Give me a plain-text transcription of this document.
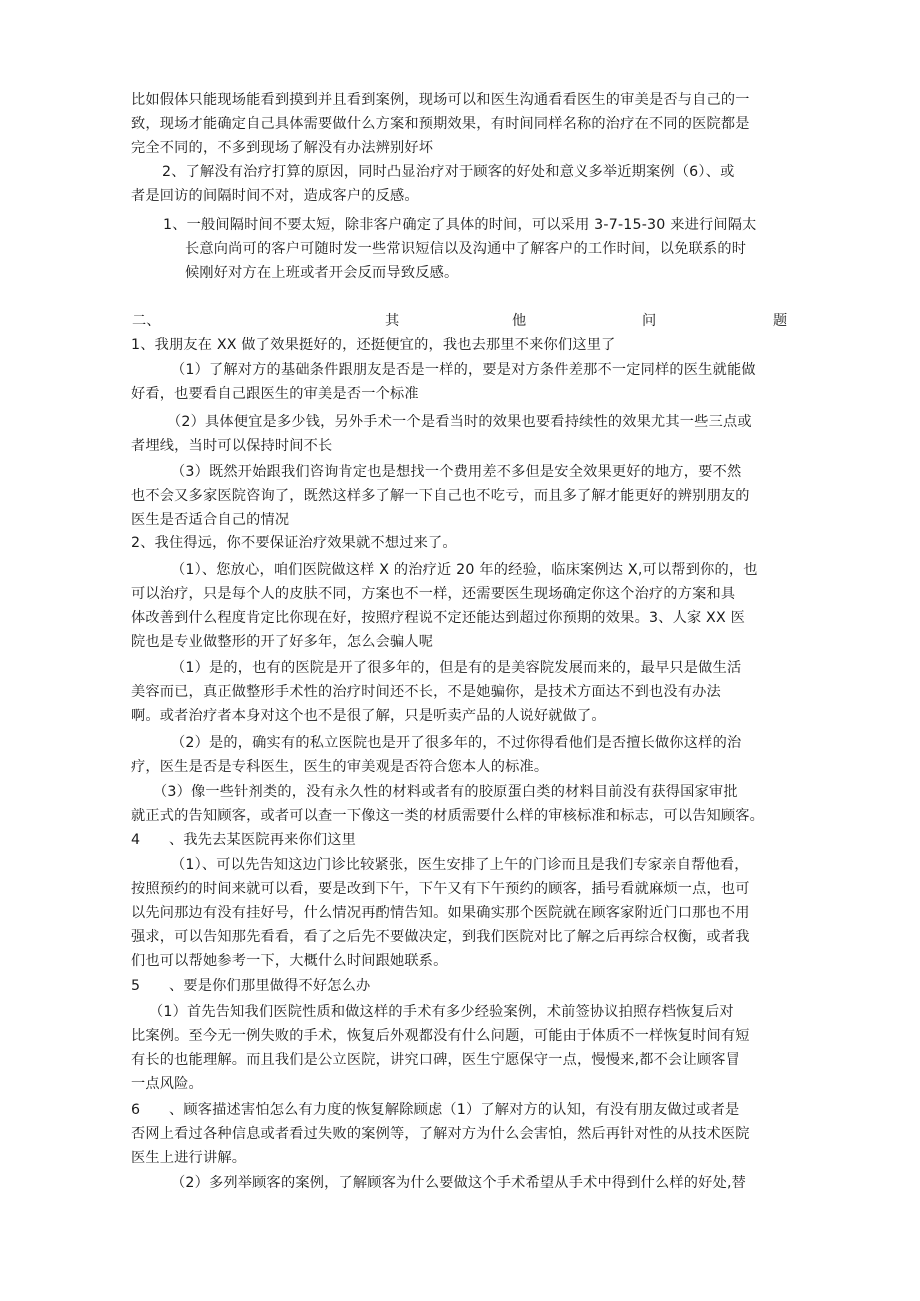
比如假体只能现场能看到摸到并且看到案例，现场可以和医生沟通看看医生的审美是否与自己的一
致，现场才能确定自己具体需要做什么方案和预期效果，有时间同样名称的治疗在不同的医院都是
完全不同的，不多到现场了解没有办法辨别好坏
2、了解没有治疗打算的原因，同时凸显治疗对于顾客的好处和意义多举近期案例（6）、或
者是回访的间隔时间不对，造成客户的反感。
1、一般间隔时间不要太短，除非客户确定了具体的时间，可以采用 3-7-15-30 来进行间隔太
长意向尚可的客户可随时发一些常识短信以及沟通中了解客户的工作时间，以免联系的时
候刚好对方在上班或者开会反而导致反感。
二、	其	他	问	题
1、我朋友在 XX 做了效果挺好的，还挺便宜的，我也去那里不来你们这里了
（1）了解对方的基础条件跟朋友是否是一样的，要是对方条件差那不一定同样的医生就能做
好看，也要看自己跟医生的审美是否一个标准
（2）具体便宜是多少钱，另外手术一个是看当时的效果也要看持续性的效果尤其一些三点或
者埋线，当时可以保持时间不长
（3）既然开始跟我们咨询肯定也是想找一个费用差不多但是安全效果更好的地方，要不然
也不会又多家医院咨询了，既然这样多了解一下自己也不吃亏，而且多了解才能更好的辨别朋友的
医生是否适合自己的情况
2、我住得远，你不要保证治疗效果就不想过来了。
（1）、您放心，咱们医院做这样 X 的治疗近 20 年的经验，临床案例达 X,可以帮到你的，也
可以治疗，只是每个人的皮肤不同，方案也不一样，还需要医生现场确定你这个治疗的方案和具
体改善到什么程度肯定比你现在好，按照疗程说不定还能达到超过你预期的效果。3、人家 XX 医
院也是专业做整形的开了好多年，怎么会骗人呢
（1）是的，也有的医院是开了很多年的，但是有的是美容院发展而来的，最早只是做生活
美容而已，真正做整形手术性的治疗时间还不长，不是她骗你，是技术方面达不到也没有办法
啊。或者治疗者本身对这个也不是很了解，只是听卖产品的人说好就做了。
（2）是的，确实有的私立医院也是开了很多年的，不过你得看他们是否擅长做你这样的治
疗，医生是否是专科医生，医生的审美观是否符合您本人的标准。
（3）像一些针剂类的，没有永久性的材料或者有的胶原蛋白类的材料目前没有获得国家审批
就正式的告知顾客，或者可以查一下像这一类的材质需要什么样的审核标准和标志，可以告知顾客。
4　　、我先去某医院再来你们这里
（1）、可以先告知这边门诊比较紧张，医生安排了上午的门诊而且是我们专家亲自帮他看，
按照预约的时间来就可以看，要是改到下午，下午又有下午预约的顾客，插号看就麻烦一点，也可
以先问那边有没有挂好号，什么情况再酌情告知。如果确实那个医院就在顾客家附近门口那也不用
强求，可以告知那先看看，看了之后先不要做决定，到我们医院对比了解之后再综合权衡，或者我
们也可以帮她参考一下，大概什么时间跟她联系。
5　　、要是你们那里做得不好怎么办
（1）首先告知我们医院性质和做这样的手术有多少经验案例，术前签协议拍照存档恢复后对
比案例。至今无一例失败的手术，恢复后外观都没有什么问题，可能由于体质不一样恢复时间有短
有长的也能理解。而且我们是公立医院，讲究口碑，医生宁愿保守一点，慢慢来,都不会让顾客冒
一点风险。
6　　、顾客描述害怕怎么有力度的恢复解除顾虑（1）了解对方的认知，有没有朋友做过或者是
否网上看过各种信息或者看过失败的案例等，了解对方为什么会害怕，然后再针对性的从技术医院
医生上进行讲解。
（2）多列举顾客的案例，了解顾客为什么要做这个手术希望从手术中得到什么样的好处,替
